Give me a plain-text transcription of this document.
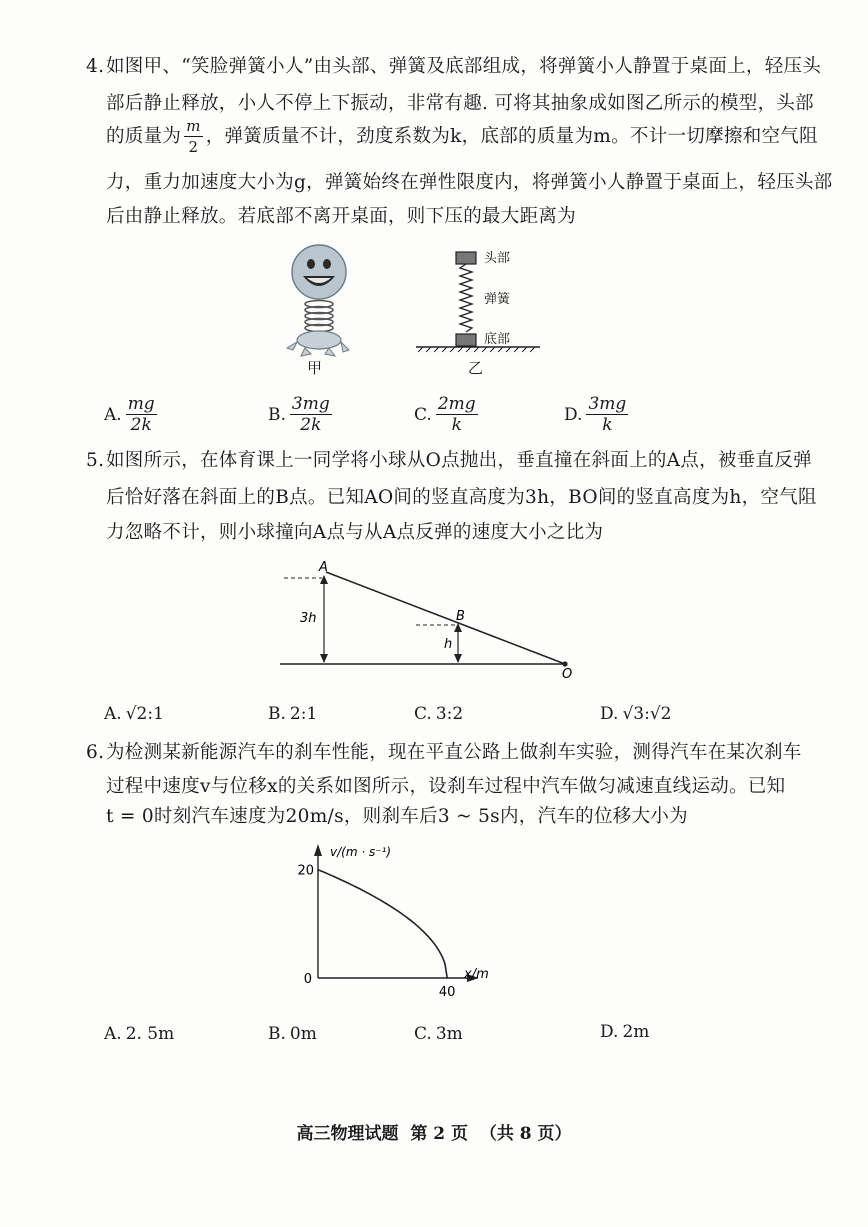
4. 如图甲、“笑脸弹簧小人”由头部、弹簧及底部组成，将弹簧小人静置于桌面上，轻压头
部后静止释放，小人不停上下振动，非常有趣. 可将其抽象成如图乙所示的模型，头部
的质量为 $\frac{m}{2}$ ，弹簧质量不计，劲度系数为k，底部的质量为m。不计一切摩擦和空气阻
力，重力加速度大小为g，弹簧始终在弹性限度内，将弹簧小人静置于桌面上，轻压头部
后由静止释放。若底部不离开桌面，则下压的最大距离为
甲
头部
弹簧
底部
乙
A. $\frac{mg}{2k}$	B. $\frac{3mg}{2k}$	C. $\frac{2mg}{k}$	D. $\frac{3mg}{k}$
5. 如图所示，在体育课上一同学将小球从O点抛出，垂直撞在斜面上的A点，被垂直反弹
后恰好落在斜面上的B点。已知AO间的竖直高度为3h，BO间的竖直高度为h，空气阻
力忽略不计，则小球撞向A点与从A点反弹的速度大小之比为
A
B
O
3h
h
A. √2:1	B. 2:1	C. 3:2	D. √3:√2
6. 为检测某新能源汽车的刹车性能，现在平直公路上做刹车实验，测得汽车在某次刹车
过程中速度v与位移x的关系如图所示，设刹车过程中汽车做匀减速直线运动。已知
t = 0时刻汽车速度为20m/s，则刹车后3 ~ 5s内，汽车的位移大小为
v/(m · s⁻¹)
x/m
20
0
40
A. 2. 5m	B. 0m	C. 3m	D. 2m
高三物理试题  第 2 页  （共 8 页）
